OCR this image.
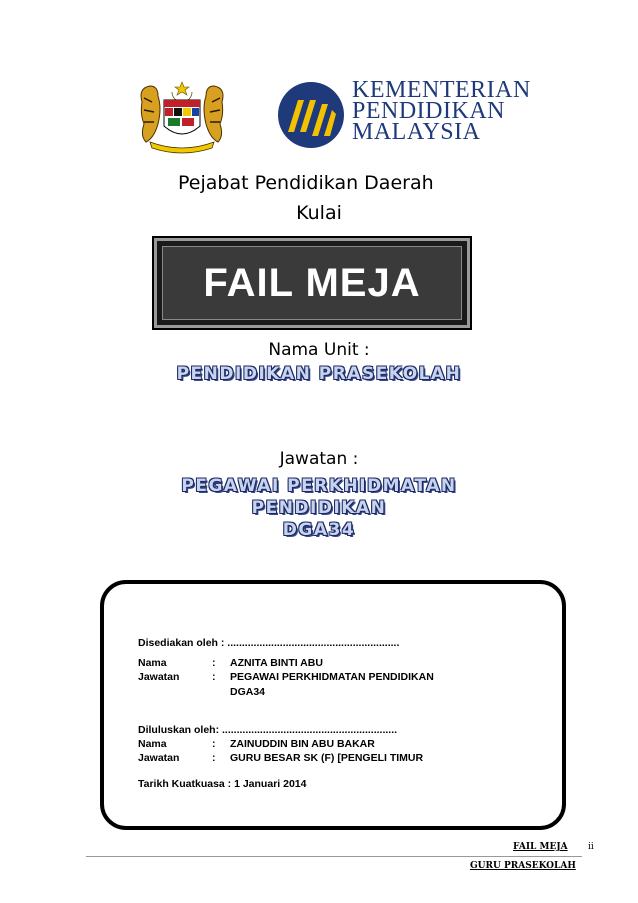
KEMENTERIAN
PENDIDIKAN
MALAYSIA
Pejabat Pendidikan Daerah
Kulai
FAIL MEJA
Nama Unit :
PENDIDIKAN PRASEKOLAH
Jawatan :
PEGAWAI PERKHIDMATAN
PENDIDIKAN
DGA34
Disediakan oleh : ...........................................................
Nama	: AZNITA BINTI ABU
Jawatan	: PEGAWAI PERKHIDMATAN PENDIDIKAN
DGA34
Diluluskan oleh: ............................................................
Nama	: ZAINUDDIN BIN ABU BAKAR
Jawatan	: GURU BESAR SK (F) [PENGELI TIMUR
Tarikh Kuatkuasa : 1 Januari 2014
FAIL MEJA ii
GURU PRASEKOLAH
